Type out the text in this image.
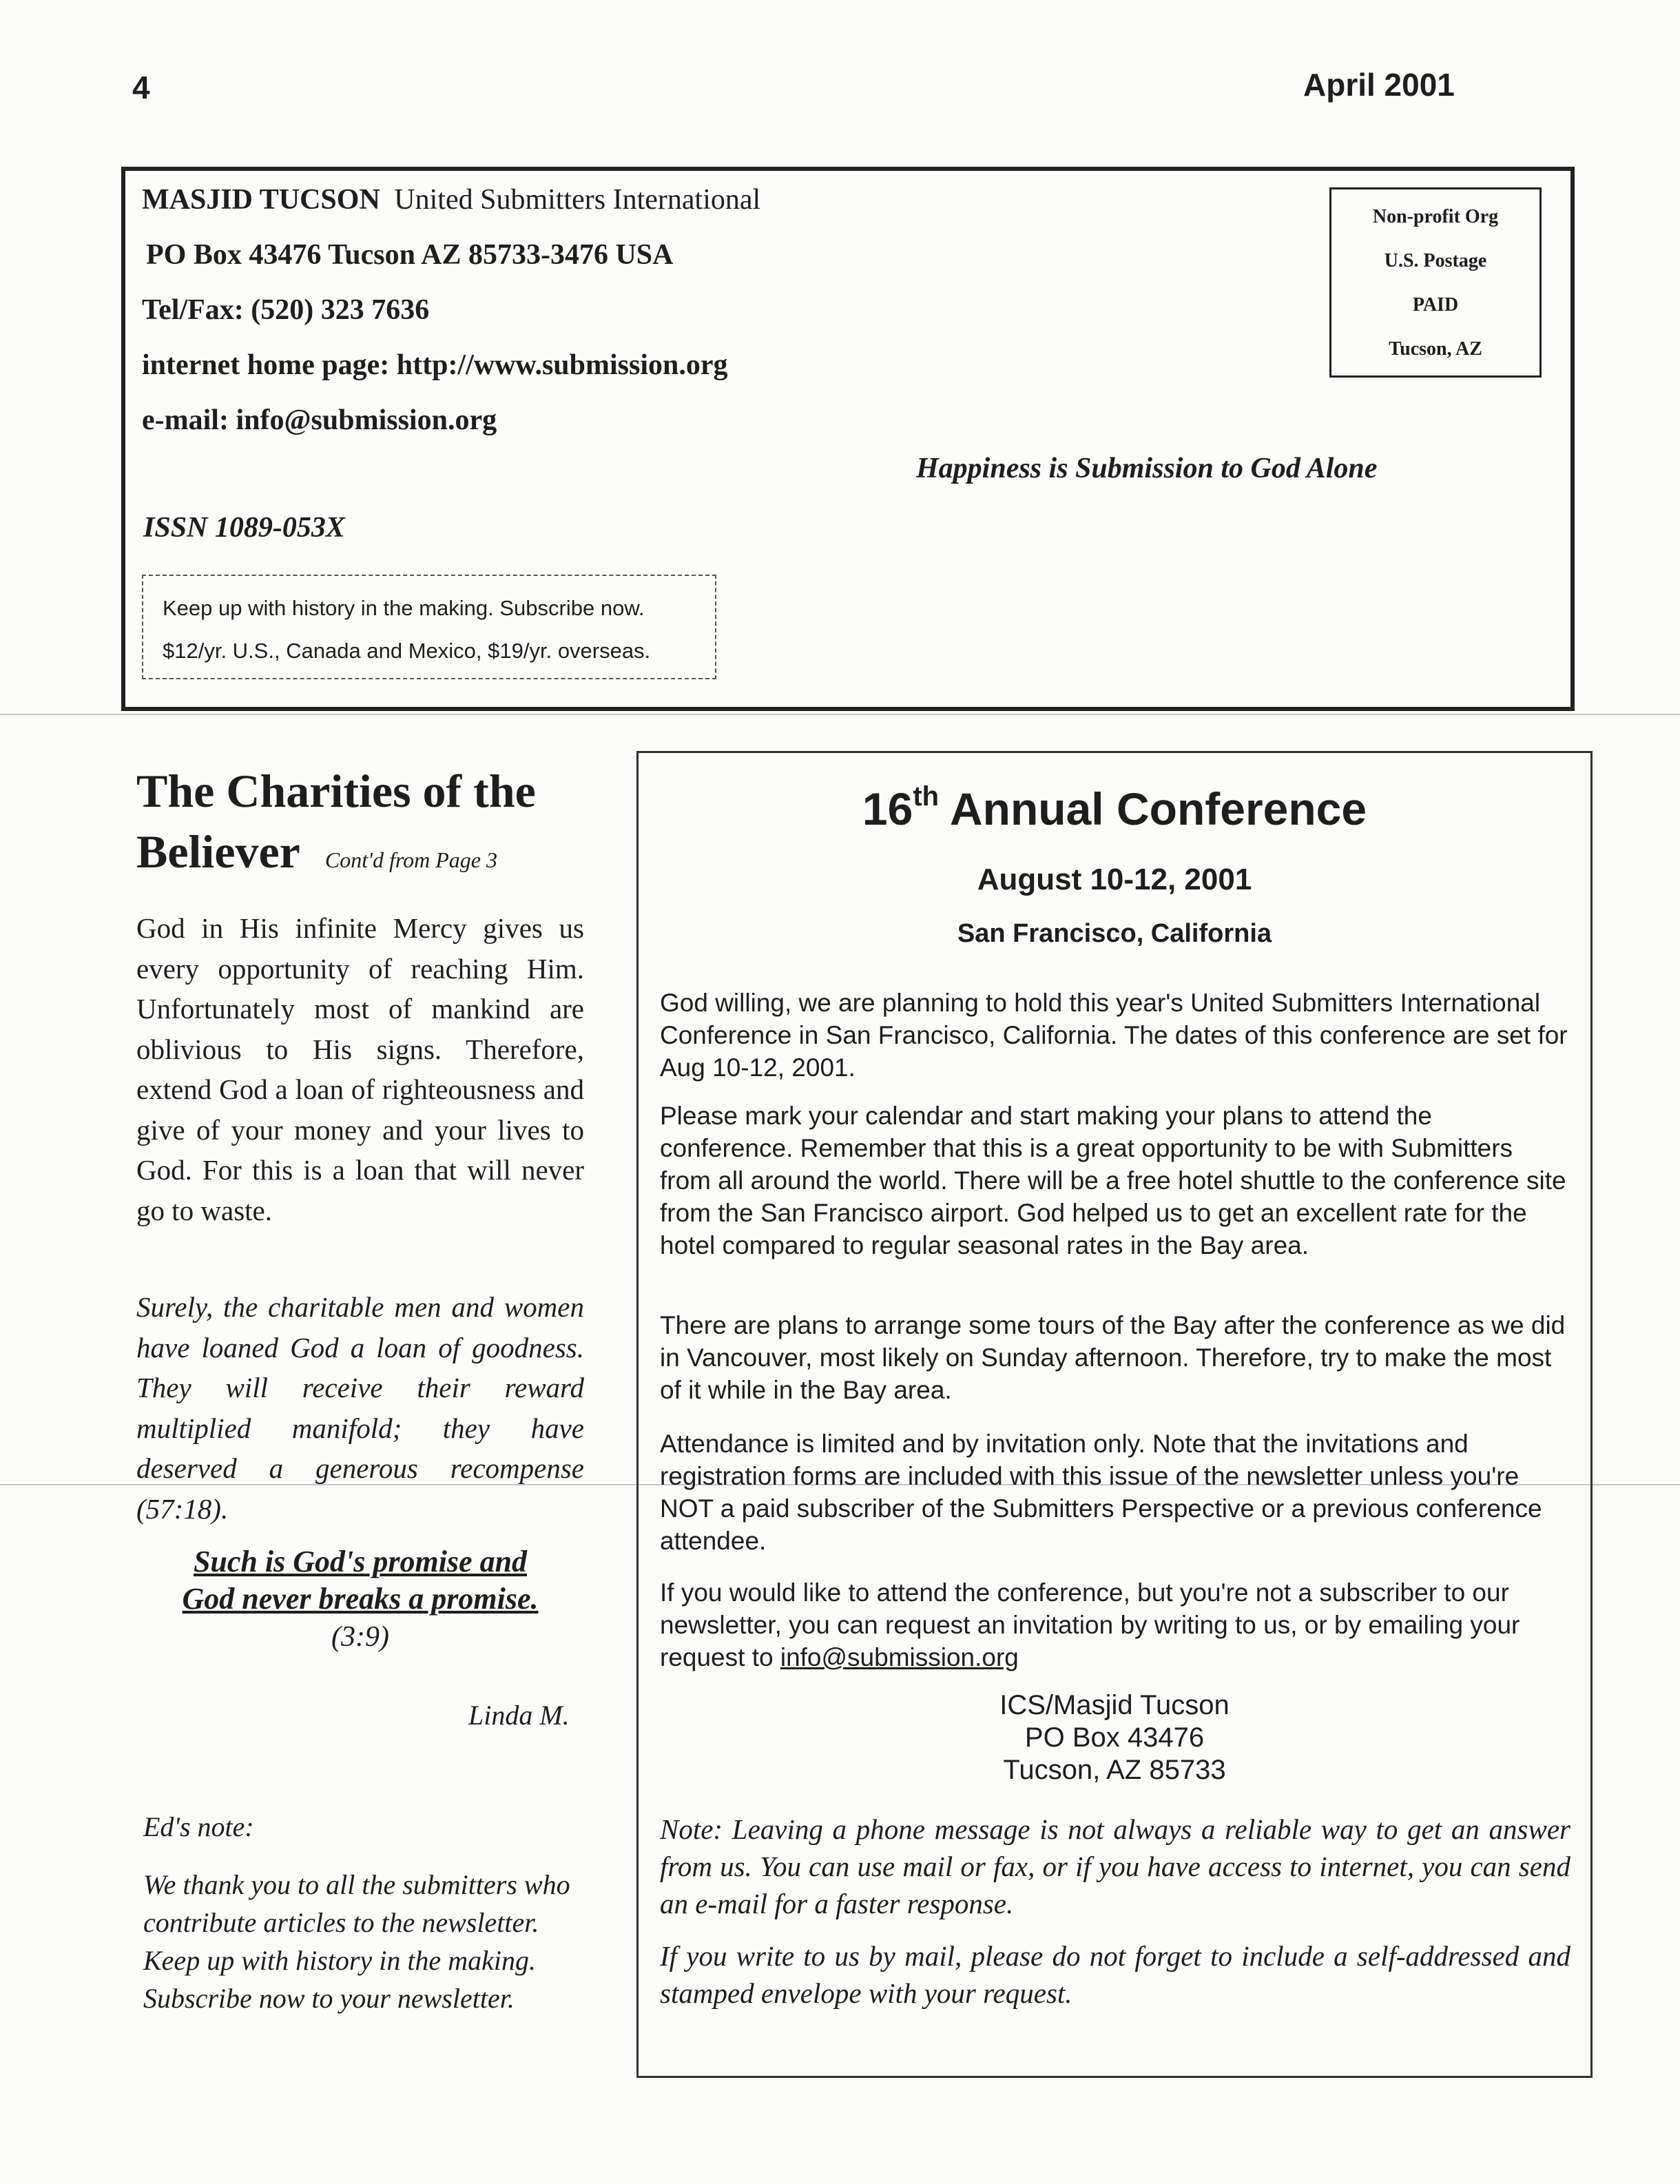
4	April 2001
MASJID TUCSON United Submitters International
PO Box 43476 Tucson AZ 85733-3476 USA
Tel/Fax: (520) 323 7636
internet home page: http://www.submission.org
e-mail: info@submission.org
Non-profit Org
U.S. Postage
PAID
Tucson, AZ
Happiness is Submission to God Alone
ISSN 1089-053X
Keep up with history in the making. Subscribe now.
$12/yr. U.S., Canada and Mexico, $19/yr. overseas.
The Charities of the Believer Cont'd from Page 3
God in His infinite Mercy gives us every opportunity of reaching Him. Unfortunately most of mankind are oblivious to His signs. Therefore, extend God a loan of righteousness and give of your money and your lives to God. For this is a loan that will never go to waste.
Surely, the charitable men and women have loaned God a loan of goodness. They will receive their reward multiplied manifold; they have deserved a generous recompense (57:18).
Such is God's promise and
God never breaks a promise.
(3:9)
Linda M.
Ed's note:
We thank you to all the submitters who contribute articles to the newsletter. Keep up with history in the making. Subscribe now to your newsletter.
16th Annual Conference
August 10-12, 2001
San Francisco, California
God willing, we are planning to hold this year's United Submitters International Conference in San Francisco, California. The dates of this conference are set for Aug 10-12, 2001.
Please mark your calendar and start making your plans to attend the conference. Remember that this is a great opportunity to be with Submitters from all around the world. There will be a free hotel shuttle to the conference site from the San Francisco airport. God helped us to get an excellent rate for the hotel compared to regular seasonal rates in the Bay area.
There are plans to arrange some tours of the Bay after the conference as we did in Vancouver, most likely on Sunday afternoon. Therefore, try to make the most of it while in the Bay area.
Attendance is limited and by invitation only. Note that the invitations and registration forms are included with this issue of the newsletter unless you're NOT a paid subscriber of the Submitters Perspective or a previous conference attendee.
If you would like to attend the conference, but you're not a subscriber to our newsletter, you can request an invitation by writing to us, or by emailing your request to info@submission.org
ICS/Masjid Tucson
PO Box 43476
Tucson, AZ 85733
Note: Leaving a phone message is not always a reliable way to get an answer from us. You can use mail or fax, or if you have access to internet, you can send an e-mail for a faster response.
If you write to us by mail, please do not forget to include a self-addressed and stamped envelope with your request.
